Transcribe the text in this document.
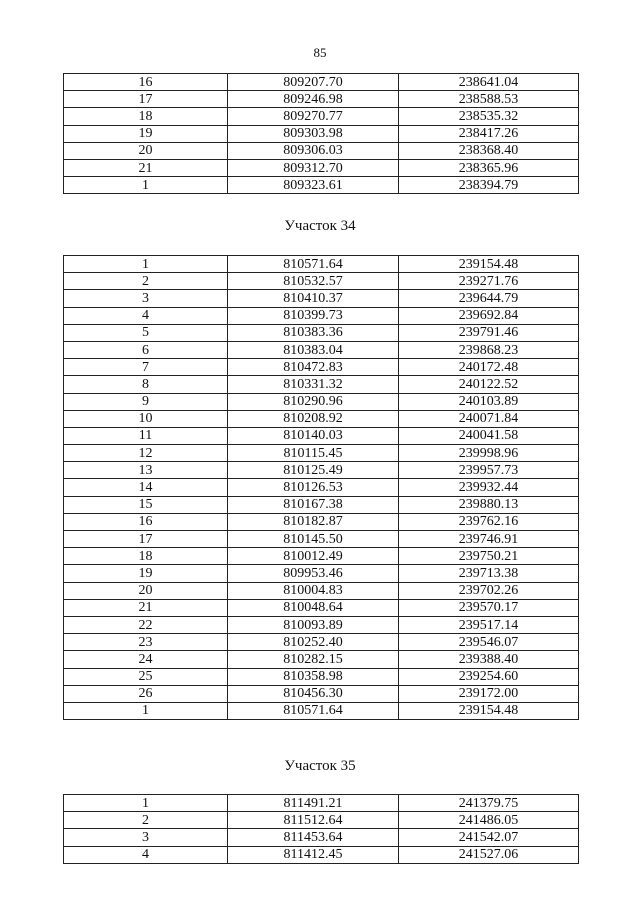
85
16	809207.70	238641.04
17	809246.98	238588.53
18	809270.77	238535.32
19	809303.98	238417.26
20	809306.03	238368.40
21	809312.70	238365.96
1	809323.61	238394.79
Участок 34
1	810571.64	239154.48
2	810532.57	239271.76
3	810410.37	239644.79
4	810399.73	239692.84
5	810383.36	239791.46
6	810383.04	239868.23
7	810472.83	240172.48
8	810331.32	240122.52
9	810290.96	240103.89
10	810208.92	240071.84
11	810140.03	240041.58
12	810115.45	239998.96
13	810125.49	239957.73
14	810126.53	239932.44
15	810167.38	239880.13
16	810182.87	239762.16
17	810145.50	239746.91
18	810012.49	239750.21
19	809953.46	239713.38
20	810004.83	239702.26
21	810048.64	239570.17
22	810093.89	239517.14
23	810252.40	239546.07
24	810282.15	239388.40
25	810358.98	239254.60
26	810456.30	239172.00
1	810571.64	239154.48
Участок 35
1	811491.21	241379.75
2	811512.64	241486.05
3	811453.64	241542.07
4	811412.45	241527.06
